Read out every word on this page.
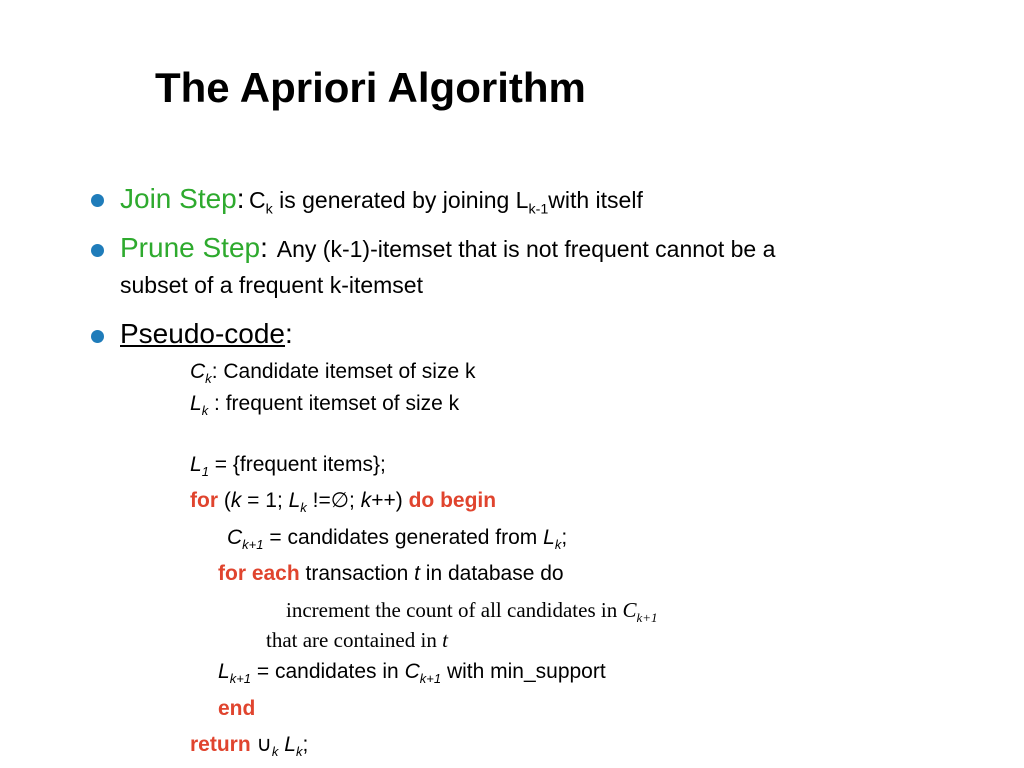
The Apriori Algorithm
Join Step: $C_k$ is generated by joining $L_{k-1}with$ itself
Prune Step: Any (k-1)-itemset that is not frequent cannot be a
subset of a frequent k-itemset
Pseudo-code:
$C_k$: Candidate itemset of size k
$L_k$ : frequent itemset of size k
$L_1$ = {frequent items};
for (k = 1; $L_k$ !=∅; k++) do begin
$C_{k+1}$ = candidates generated from $L_k$;
for each transaction t in database do
increment the count of all candidates in $C_{k+1}$
that are contained in t
$L_{k+1}$ = candidates in $C_{k+1}$ with min_support
end
return $\cup_k$ $L_k$;
